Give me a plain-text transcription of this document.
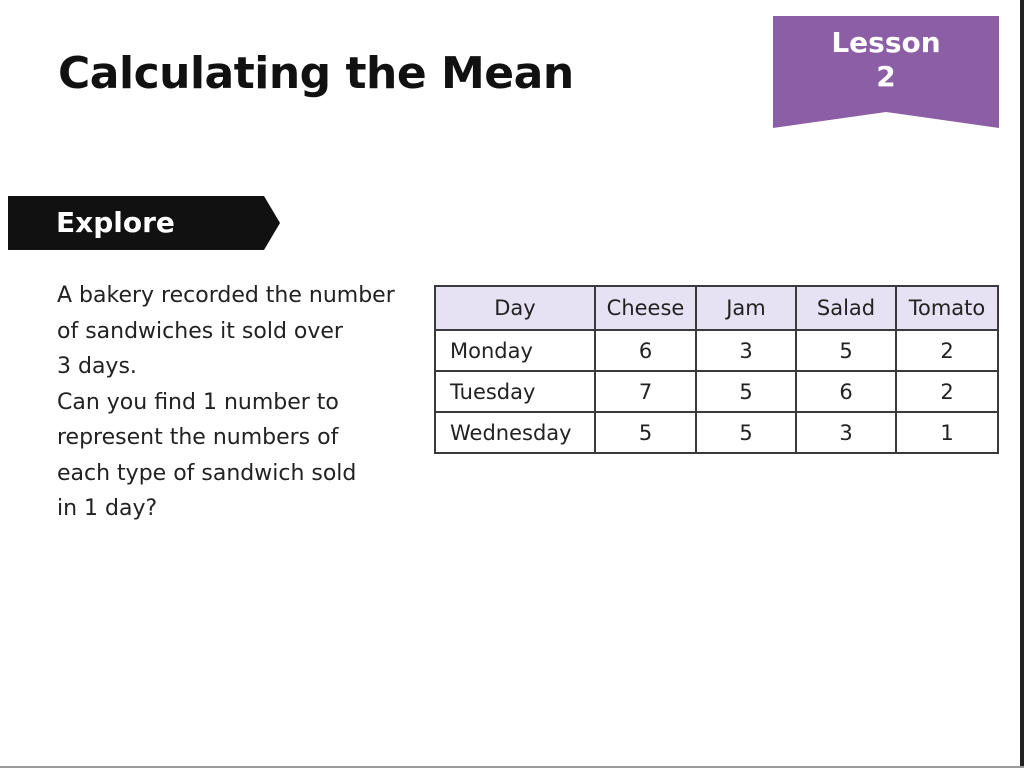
Calculating the Mean
Lesson
2
Explore

A bakery recorded the number
of sandwiches it sold over
3 days.
Can you find 1 number to
represent the numbers of
each type of sandwich sold
in 1 day?

Day	Cheese	Jam	Salad	Tomato
Monday	6	3	5	2
Tuesday	7	5	6	2
Wednesday	5	5	3	1
